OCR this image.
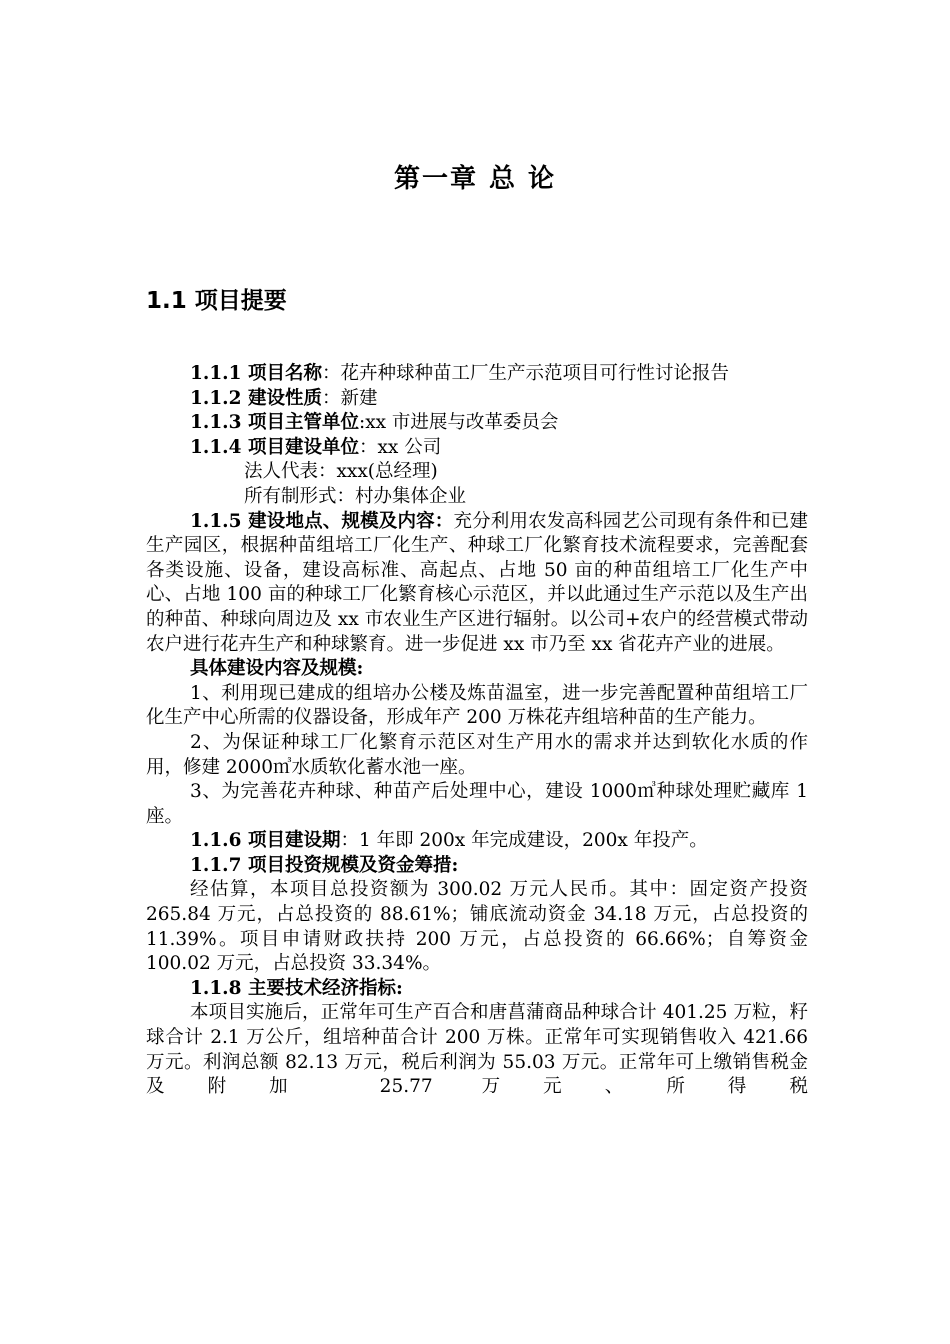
第一章 总 论
1.1 项目提要

1.1.1 项目名称：花卉种球种苗工厂生产示范项目可行性讨论报告

1.1.2 建设性质：新建

1.1.3 项目主管单位:xx 市进展与改革委员会

1.1.4 项目建设单位：xx 公司

法人代表：xxx(总经理)

所有制形式：村办集体企业

1.1.5 建设地点、规模及内容：充分利用农发高科园艺公司现有条件和已建生产园区，根据种苗组培工厂化生产、种球工厂化繁育技术流程要求，完善配套各类设施、设备，建设高标准、高起点、占地 50 亩的种苗组培工厂化生产中心、占地 100 亩的种球工厂化繁育核心示范区，并以此通过生产示范以及生产出的种苗、种球向周边及 xx 市农业生产区进行辐射。以公司+农户的经营模式带动农户进行花卉生产和种球繁育。进一步促进 xx 市乃至 xx 省花卉产业的进展。

具体建设内容及规模:

1、利用现已建成的组培办公楼及炼苗温室，进一步完善配置种苗组培工厂化生产中心所需的仪器设备，形成年产 200 万株花卉组培种苗的生产能力。

2、为保证种球工厂化繁育示范区对生产用水的需求并达到软化水质的作用，修建 2000㎥水质软化蓄水池一座。

3、为完善花卉种球、种苗产后处理中心，建设 1000㎥种球处理贮藏库 1 座。

1.1.6 项目建设期：1 年即 200x 年完成建设，200x 年投产。

1.1.7 项目投资规模及资金筹措:

经估算，本项目总投资额为 300.02 万元人民币。其中：固定资产投资 265.84 万元，占总投资的 88.61%；铺底流动资金 34.18 万元，占总投资的 11.39%。项目申请财政扶持 200 万元，占总投资的 66.66%；自筹资金 100.02 万元，占总投资 33.34%。

1.1.8 主要技术经济指标:

本项目实施后，正常年可生产百合和唐菖蒲商品种球合计 401.25 万粒，籽球合计 2.1 万公斤，组培种苗合计 200 万株。正常年可实现销售收入 421.66 万元。利润总额 82.13 万元，税后利润为 55.03 万元。正常年可上缴销售税金及附加 25.77 万元、所得税
